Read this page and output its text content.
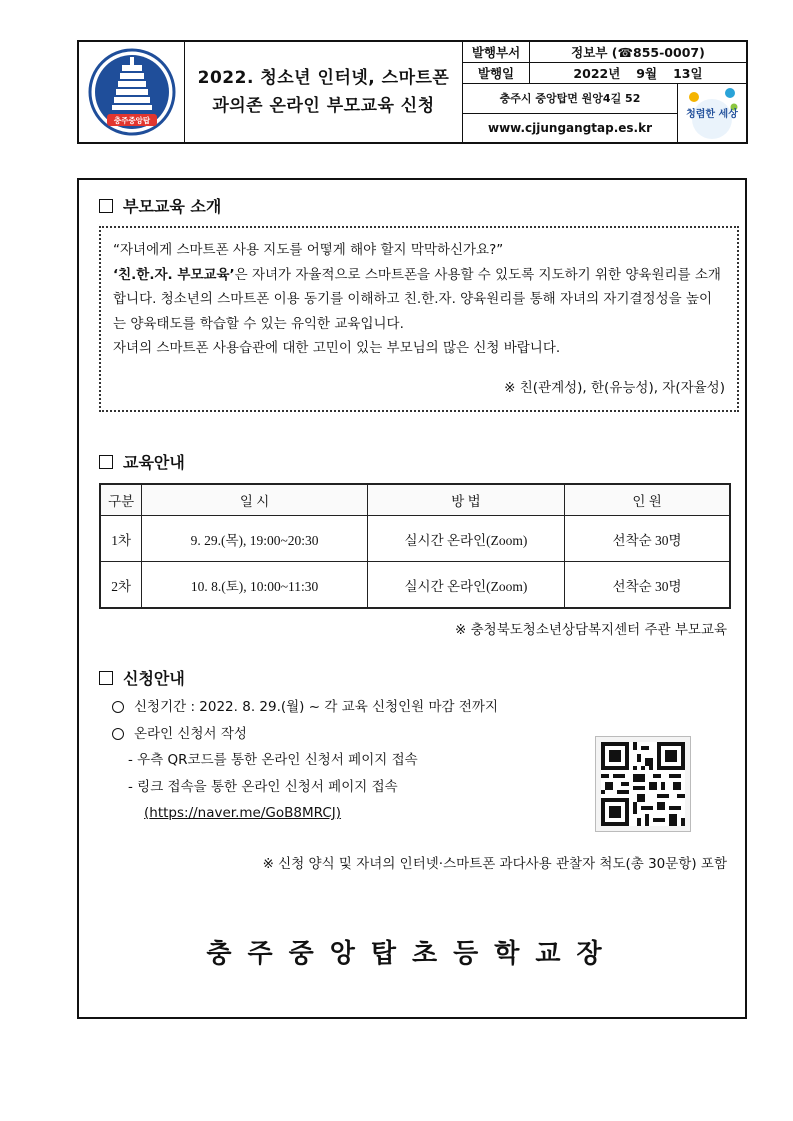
충주중앙탑
2022. 청소년 인터넷, 스마트폰
과의존 온라인 부모교육 신청
발행부서	정보부 (☎855-0007)
발행일	2022년 9월 13일
충주시 중앙탑면 원앙4길 52
www.cjjungangtap.es.kr
청렴한 세상
부모교육 소개

“자녀에게 스마트폰 사용 지도를 어떻게 해야 할지 막막하신가요?”

‘친.한.자. 부모교육’은 자녀가 자율적으로 스마트폰을 사용할 수 있도록 지도하기 위한 양육원리를 소개합니다. 청소년의 스마트폰 이용 동기를 이해하고 친.한.자. 양육원리를 통해 자녀의 자기결정성을 높이는 양육태도를 학습할 수 있는 유익한 교육입니다.

자녀의 스마트폰 사용습관에 대한 고민이 있는 부모님의 많은 신청 바랍니다.

※ 친(관계성), 한(유능성), 자(자율성)

교육안내
구분	일 시	방 법	인 원
1차	9. 29.(목), 19:00~20:30	실시간 온라인(Zoom)	선착순 30명
2차	10. 8.(토), 10:00~11:30	실시간 온라인(Zoom)	선착순 30명
※ 충청북도청소년상담복지센터 주관 부모교육
신청안내
신청기간 : 2022. 8. 29.(월) ~ 각 교육 신청인원 마감 전까지
온라인 신청서 작성
- 우측 QR코드를 통한 온라인 신청서 페이지 접속
- 링크 접속을 통한 온라인 신청서 페이지 접속
(https://naver.me/GoB8MRCJ)
※ 신청 양식 및 자녀의 인터넷·스마트폰 과다사용 관찰자 척도(총 30문항) 포함
충주중앙탑초등학교장
